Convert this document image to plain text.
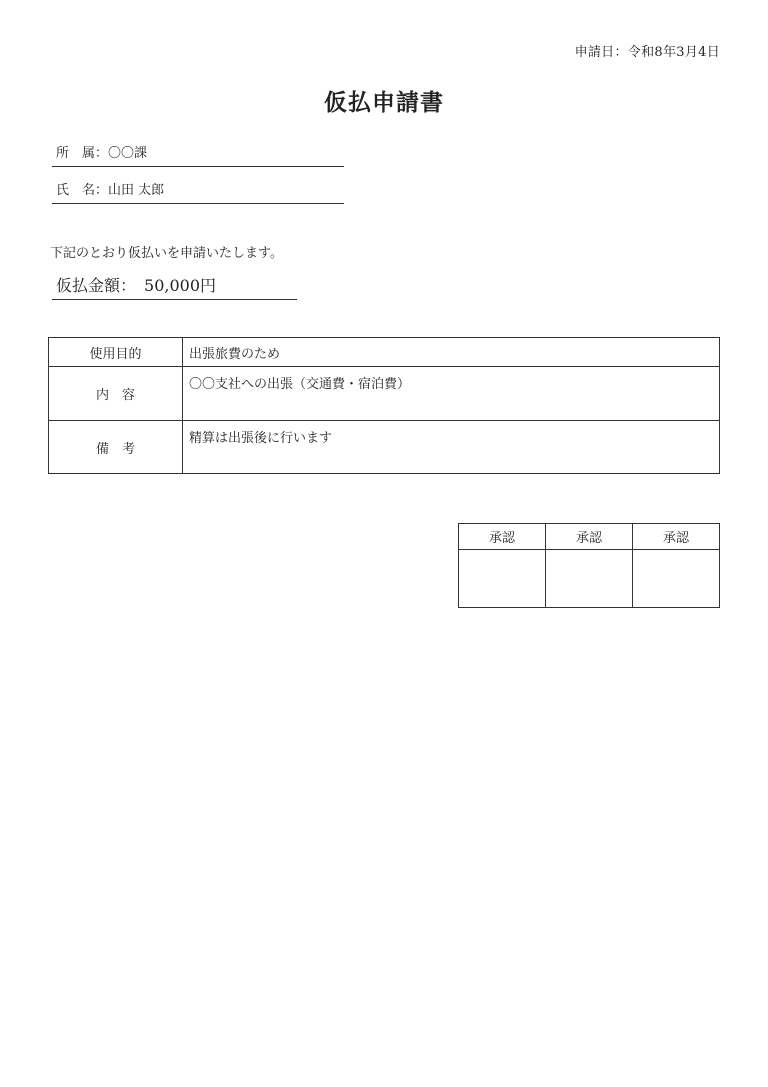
申請日：令和8年3月4日
仮払申請書
所　属：〇〇課
氏　名：山田 太郎
下記のとおり仮払いを申請いたします。
仮払金額： 50,000円
使用目的	出張旅費のため
内　容	〇〇支社への出張（交通費・宿泊費）
備　考	精算は出張後に行います
承認	承認	承認
